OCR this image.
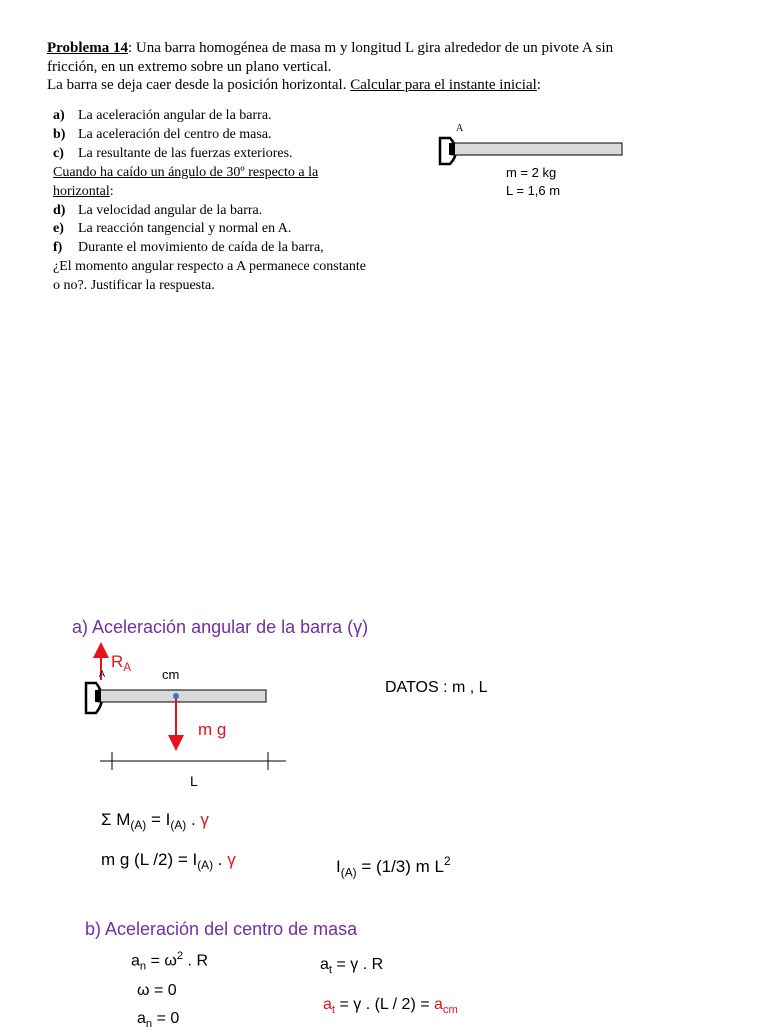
Problema 14: Una barra homogénea de masa m y longitud L gira alrededor de un pivote A sin
fricción, en un extremo sobre un plano vertical.
La barra se deja caer desde la posición horizontal. Calcular para el instante inicial:
a) La aceleración angular de la barra.
b) La aceleración del centro de masa.
c) La resultante de las fuerzas exteriores.
Cuando ha caído un ángulo de 30º respecto a la
horizontal:
d) La velocidad angular de la barra.
e) La reacción tangencial y normal en A.
f) Durante el movimiento de caída de la barra,
¿El momento angular respecto a A permanece constante
o no?. Justificar la respuesta.
A
m = 2 kg
L = 1,6 m
a) Aceleración angular de la barra (γ)
$R_A$
A	cm
m g
L
DATOS : m , L
Σ $M_{(A)} = I_{(A)}$ . γ
m g (L $/2) = I_{(A)}$ . γ	$I_{(A)} = (1/3)$ m $L^2$
b) Aceleración del centro de masa
$a_n = \omega^2$ . R
ω = 0
$a_n = 0$
$a_t = \gamma$ . R
$a_t = \gamma$ . $(L / 2) = a_{cm}$
